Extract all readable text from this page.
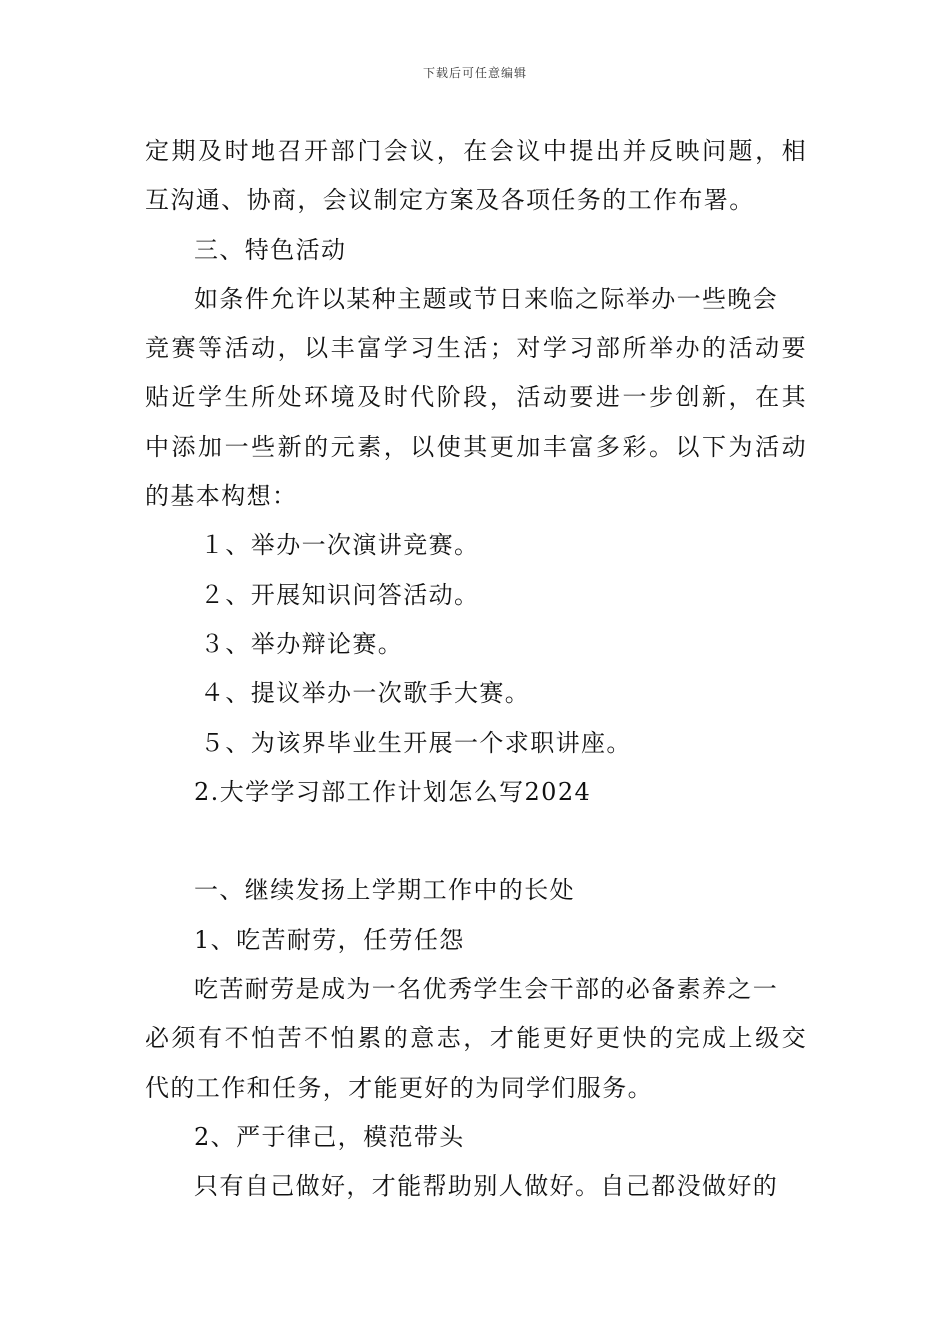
下载后可任意编辑
定期及时地召开部门会议，在会议中提出并反映问题，相
互沟通、协商，会议制定方案及各项任务的工作布署。
三、特色活动
如条件允许以某种主题或节日来临之际举办一些晚会
竞赛等活动，以丰富学习生活；对学习部所举办的活动要
贴近学生所处环境及时代阶段，活动要进一步创新，在其
中添加一些新的元素，以使其更加丰富多彩。以下为活动
的基本构想：
１、举办一次演讲竞赛。
２、开展知识问答活动。
３、举办辩论赛。
４、提议举办一次歌手大赛。
５、为该界毕业生开展一个求职讲座。
2.大学学习部工作计划怎么写2024
一、继续发扬上学期工作中的长处
1、吃苦耐劳，任劳任怨
吃苦耐劳是成为一名优秀学生会干部的必备素养之一
必须有不怕苦不怕累的意志，才能更好更快的完成上级交
代的工作和任务，才能更好的为同学们服务。
2、严于律己，模范带头
只有自己做好，才能帮助别人做好。自己都没做好的
